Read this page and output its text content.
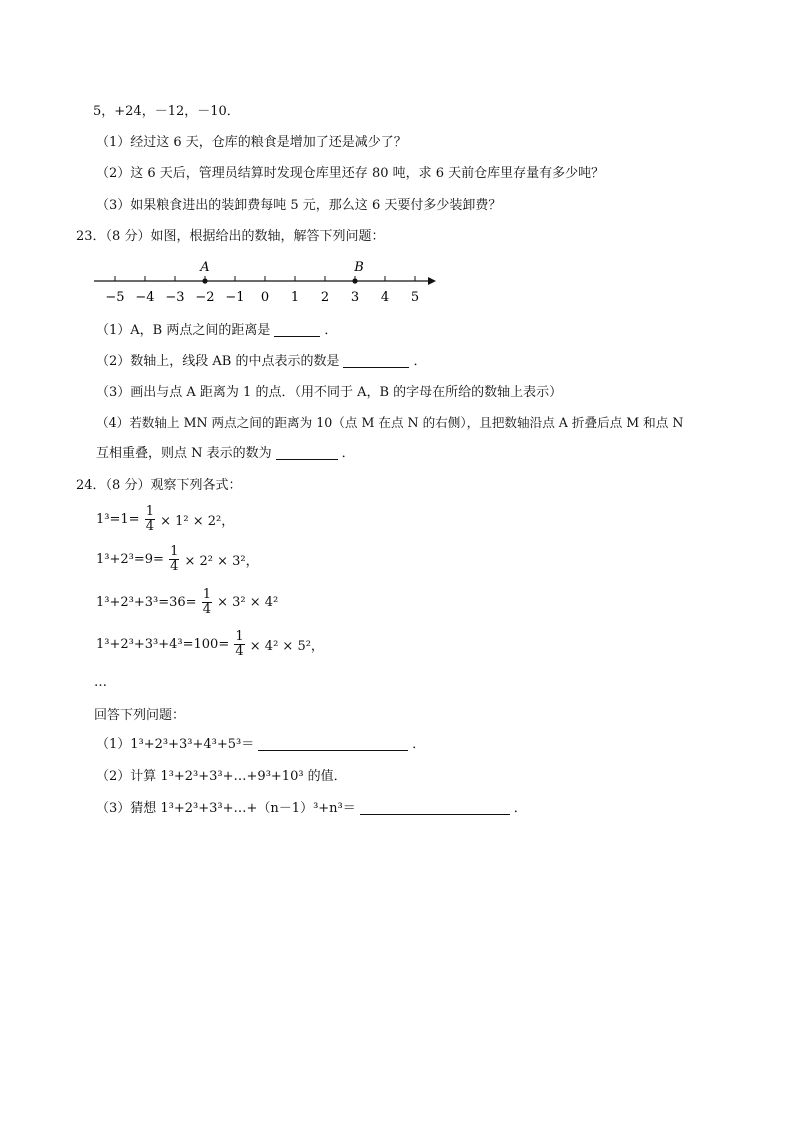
5，+24，－12，－10．
（1）经过这 6 天，仓库的粮食是增加了还是减少了？
（2）这 6 天后，管理员结算时发现仓库里还存 80 吨，求 6 天前仓库里存量有多少吨？
（3）如果粮食进出的装卸费每吨 5 元，那么这 6 天要付多少装卸费？
23．（8 分）如图，根据给出的数轴，解答下列问题：
−5 −4 −3 −2 −1 0 1 2 3 4 5
A	B
（1）A，B 两点之间的距离是	．
（2）数轴上，线段 AB 的中点表示的数是	．
（3）画出与点 A 距离为 1 的点．（用不同于 A，B 的字母在所给的数轴上表示）
（4）若数轴上 MN 两点之间的距离为 10（点 M 在点 N 的右侧），且把数轴沿点 A 折叠后点 M 和点 N
互相重叠，则点 N 表示的数为	．
24．（8 分）观察下列各式：
$1^3=1= \frac{1}{4} \times 1^2 \times 2^2$，
$1^3+2^3=9= \frac{1}{4} \times 2^2 \times 3^2$，
$1^3+2^3+3^3=36= \frac{1}{4} \times 3^2 \times 4^2$
$1^3+2^3+3^3+4^3=100= \frac{1}{4} \times 4^2 \times 5^2$，
…
回答下列问题：
（1）1³+2³+3³+4³+5³＝	．
（2）计算 1³+2³+3³+…+9³+10³ 的值．
（3）猜想 1³+2³+3³+…+（n－1）³+n³＝	．
